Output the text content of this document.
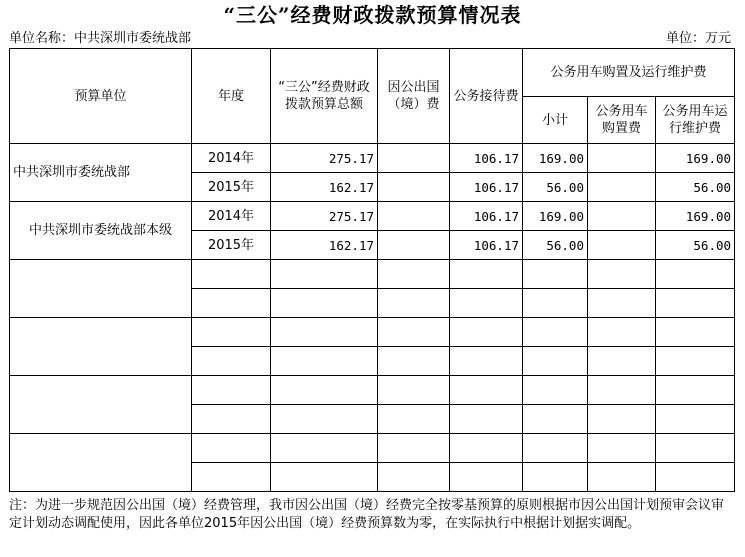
“三公”经费财政拨款预算情况表
单位名称：中共深圳市委统战部	单位：万元
预算单位	年度	“三公”经费财政拨款预算总额	因公出国（境）费	公务接待费	公务用车购置及运行维护费		
					小计	公务用车购置费	公务用车运行维护费
中共深圳市委统战部	2014年	275.17		106.17	169.00		169.00
	2015年	162.17		106.17	56.00		56.00
中共深圳市委统战部本级	2014年	275.17		106.17	169.00		169.00
	2015年	162.17		106.17	56.00		56.00

注：为进一步规范因公出国（境）经费管理，我市因公出国（境）经费完全按零基预算的原则根据市因公出国计划预审会议审定计划动态调配使用，因此各单位2015年因公出国（境）经费预算数为零，在实际执行中根据计划据实调配。
